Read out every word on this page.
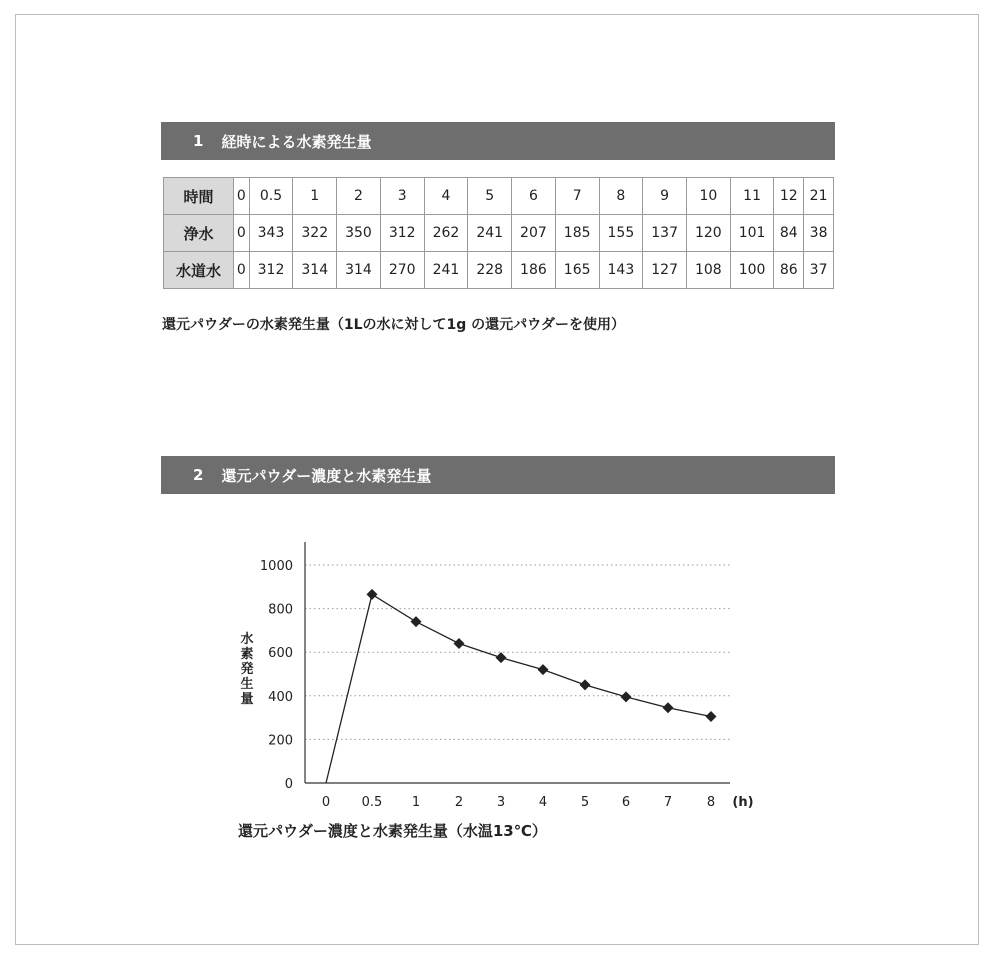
1 経時による水素発生量
時間	0	0.5	1	2	3	4	5	6	7	8	9	10	11	12	21
浄水	0	343	322	350	312	262	241	207	185	155	137	120	101	84	38
水道水	0	312	314	314	270	241	228	186	165	143	127	108	100	86	37
還元パウダーの水素発生量（1Lの水に対して1g の還元パウダーを使用）
2 還元パウダー濃度と水素発生量
0
200
400
600
800
1000
0 0.5 1	2	3	4	5	6	7	8 (h)
水
素
発
生
量
還元パウダー濃度と水素発生量（水温13℃）
